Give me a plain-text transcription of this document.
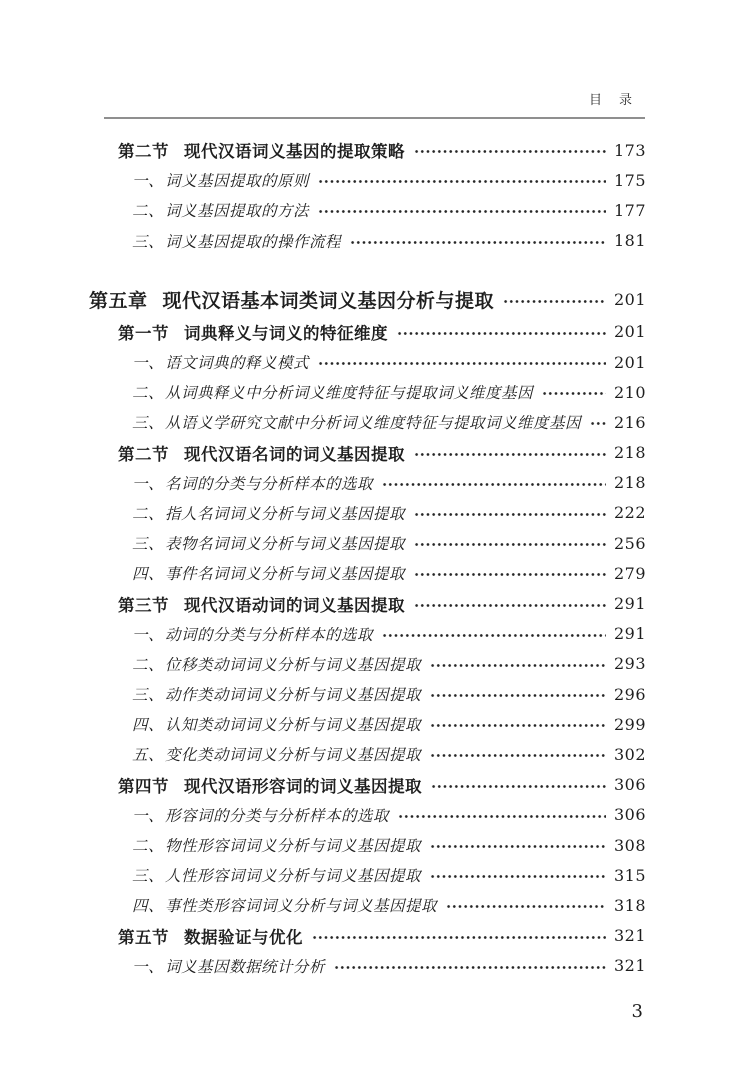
目　录
第二节 现代汉语词义基因的提取策略	173
一、 词义基因提取的原则	175
二、 词义基因提取的方法	177
三、 词义基因提取的操作流程	181
第五章 现代汉语基本词类词义基因分析与提取	201
第一节 词典释义与词义的特征维度	201
一、 语文词典的释义模式	201
二、 从词典释义中分析词义维度特征与提取词义维度基因	210
三、 从语义学研究文献中分析词义维度特征与提取词义维度基因 216
第二节 现代汉语名词的词义基因提取	218
一、 名词的分类与分析样本的选取	218
二、 指人名词词义分析与词义基因提取	222
三、 表物名词词义分析与词义基因提取	256
四、 事件名词词义分析与词义基因提取	279
第三节 现代汉语动词的词义基因提取	291
一、 动词的分类与分析样本的选取	291
二、 位移类动词词义分析与词义基因提取	293
三、 动作类动词词义分析与词义基因提取	296
四、 认知类动词词义分析与词义基因提取	299
五、 变化类动词词义分析与词义基因提取	302
第四节 现代汉语形容词的词义基因提取	306
一、 形容词的分类与分析样本的选取	306
二、 物性形容词词义分析与词义基因提取	308
三、 人性形容词词义分析与词义基因提取	315
四、 事性类形容词词义分析与词义基因提取	318
第五节 数据验证与优化	321
一、 词义基因数据统计分析	321
3
